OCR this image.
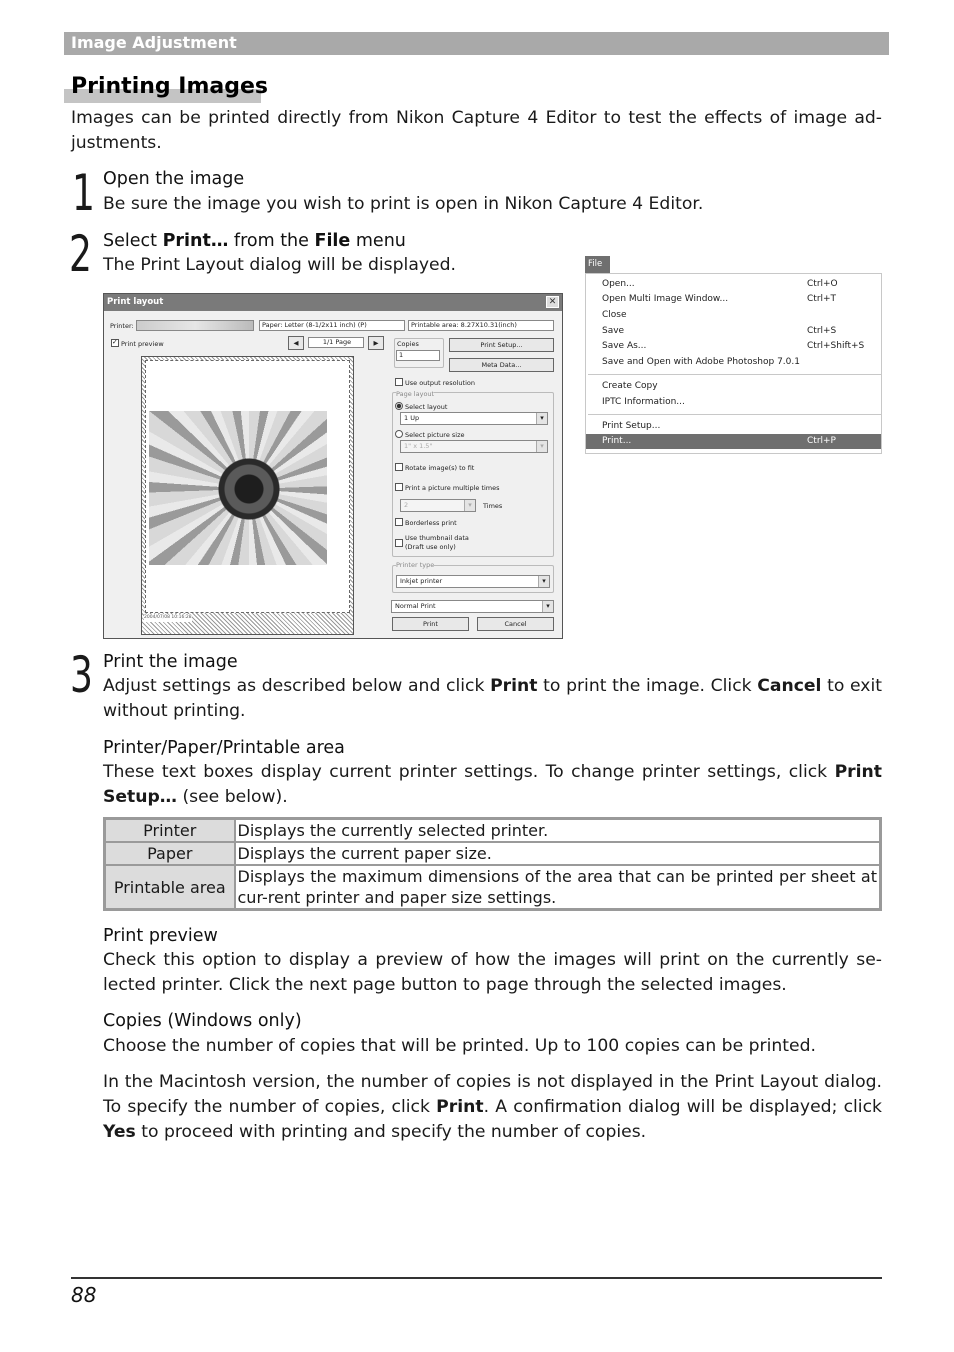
Image Adjustment
Printing Images
Images can be printed directly from Nikon Capture 4 Editor to test the effects of image ad-justments.
1 Open the image
Be sure the image you wish to print is open in Nikon Capture 4 Editor.
2 Select Print… from the File menu
The Print Layout dialog will be displayed.
Print layout	✕
Printer:	Paper: Letter (8-1/2x11 inch) (P)	Printable area: 8.27X10.31(inch)
✓ Print preview	◀	1/1 Page	▶	Copies
1
Print Setup...
Meta Data...
Use output resolution
Page layout
Select layout
1 Up ▾
Select picture size
1" x 1.5" ▾
Rotate image(s) to fit
Print a picture multiple times
2 ▾	Times
Borderless print
Use thumbnail data
(Draft use only)
Printer type
Inkjet printer ▾
Normal Print ▾
Print	Cancel
2004/07/08 10:16:28
File
Open...	Ctrl+O
Open Multi Image Window...	Ctrl+T
Close
Save	Ctrl+S
Save As...	Ctrl+Shift+S
Save and Open with Adobe Photoshop 7.0.1
Create Copy
IPTC Information...
Print Setup...
Print...	Ctrl+P
3 Print the image
Adjust settings as described below and click Print to print the image. Click Cancel to exit without printing.
Printer/Paper/Printable area
These text boxes display current printer settings. To change printer settings, click Print Setup… (see below).
Printer	Displays the currently selected printer.
Paper	Displays the current paper size.
Printable area	Displays the maximum dimensions of the area that can be printed per sheet at cur-rent printer and paper size settings.
Print preview
Check this option to display a preview of how the images will print on the currently se-lected printer. Click the next page button to page through the selected images.
Copies (Windows only)
Choose the number of copies that will be printed. Up to 100 copies can be printed.
In the Macintosh version, the number of copies is not displayed in the Print Layout dialog. To specify the number of copies, click Print. A confirmation dialog will be displayed; click Yes to proceed with printing and specify the number of copies.
88
